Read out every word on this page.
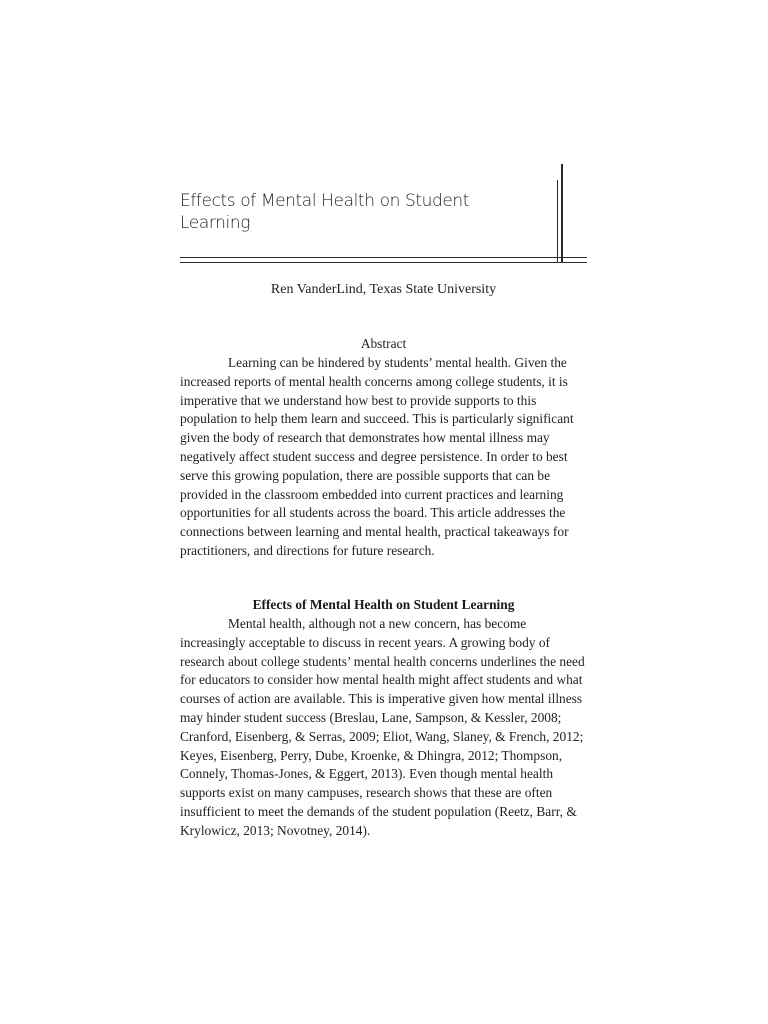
Effects of Mental Health on Student Learning

Ren VanderLind, Texas State University

Abstract

Learning can be hindered by students’ mental health. Given the increased reports of mental health concerns among college students, it is imperative that we understand how best to provide supports to this population to help them learn and succeed. This is particularly significant given the body of research that demonstrates how mental illness may negatively affect student success and degree persistence. In order to best serve this growing population, there are possible supports that can be provided in the classroom embedded into current practices and learning opportunities for all students across the board. This article addresses the connections between learning and mental health, practical takeaways for practitioners, and directions for future research.

Effects of Mental Health on Student Learning

Mental health, although not a new concern, has become increasingly acceptable to discuss in recent years. A growing body of research about college students’ mental health concerns underlines the need for educators to consider how mental health might affect students and what courses of action are available. This is imperative given how mental illness may hinder student success (Breslau, Lane, Sampson, & Kessler, 2008; Cranford, Eisenberg, & Serras, 2009; Eliot, Wang, Slaney, & French, 2012; Keyes, Eisenberg, Perry, Dube, Kroenke, & Dhingra, 2012; Thompson, Connely, Thomas-Jones, & Eggert, 2013). Even though mental health supports exist on many campuses, research shows that these are often insufficient to meet the demands of the student population (Reetz, Barr, & Krylowicz, 2013; Novotney, 2014).
